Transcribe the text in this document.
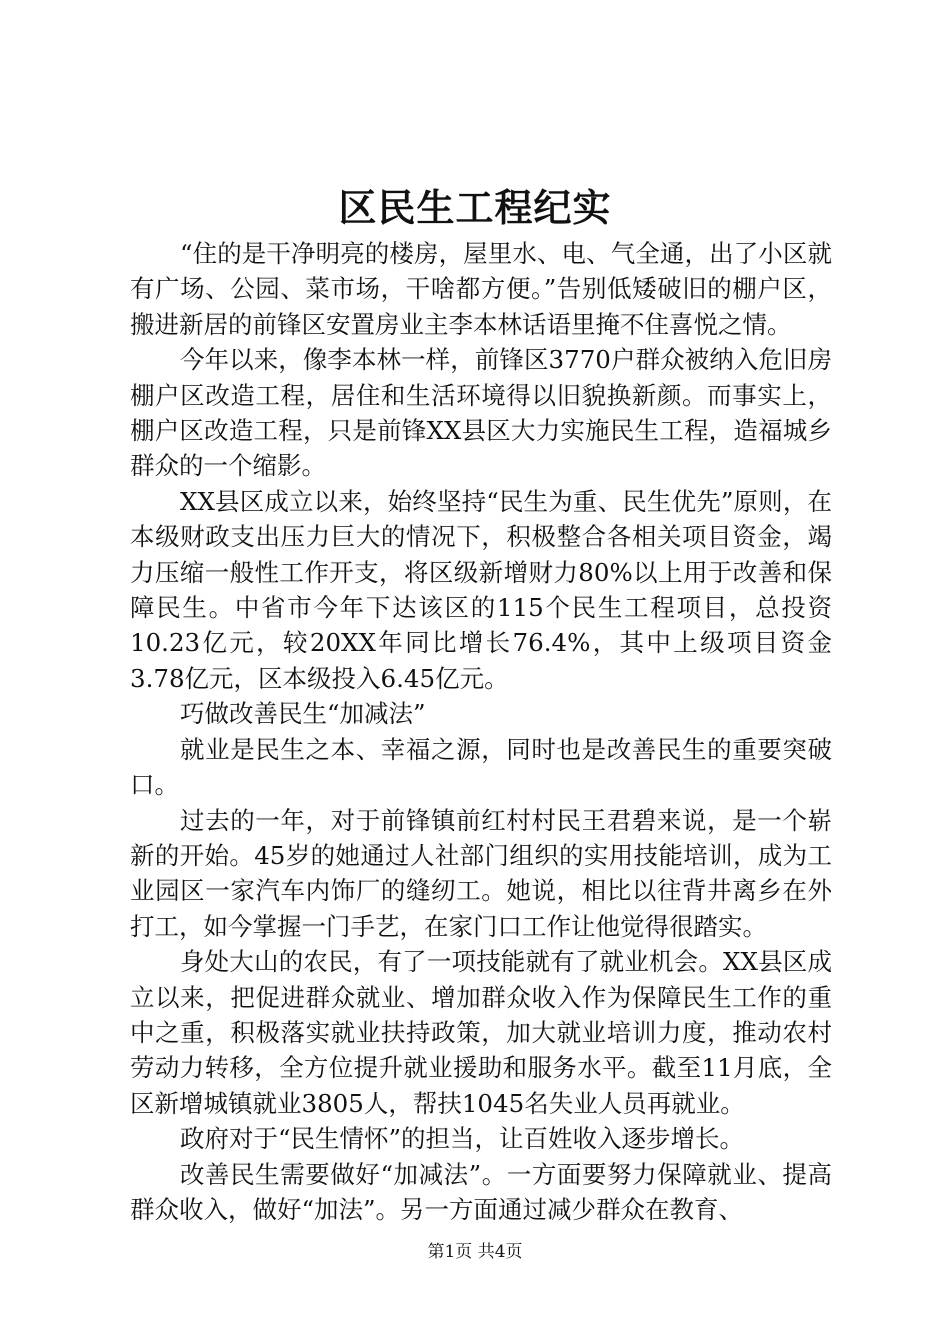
区民生工程纪实

“住的是干净明亮的楼房，屋里水、电、气全通，出了小区就有广场、公园、菜市场，干啥都方便。”告别低矮破旧的棚户区，搬进新居的前锋区安置房业主李本林话语里掩不住喜悦之情。

今年以来，像李本林一样，前锋区3770户群众被纳入危旧房棚户区改造工程，居住和生活环境得以旧貌换新颜。而事实上，棚户区改造工程，只是前锋XX县区大力实施民生工程，造福城乡群众的一个缩影。

XX县区成立以来，始终坚持“民生为重、民生优先”原则，在本级财政支出压力巨大的情况下，积极整合各相关项目资金，竭力压缩一般性工作开支，将区级新增财力80%以上用于改善和保障民生。中省市今年下达该区的115个民生工程项目，总投资10.23亿元，较20XX年同比增长76.4%，其中上级项目资金3.78亿元，区本级投入6.45亿元。

巧做改善民生“加减法”

就业是民生之本、幸福之源，同时也是改善民生的重要突破口。

过去的一年，对于前锋镇前红村村民王君碧来说，是一个崭新的开始。45岁的她通过人社部门组织的实用技能培训，成为工业园区一家汽车内饰厂的缝纫工。她说，相比以往背井离乡在外打工，如今掌握一门手艺，在家门口工作让他觉得很踏实。

身处大山的农民，有了一项技能就有了就业机会。XX县区成立以来，把促进群众就业、增加群众收入作为保障民生工作的重中之重，积极落实就业扶持政策，加大就业培训力度，推动农村劳动力转移，全方位提升就业援助和服务水平。截至11月底，全区新增城镇就业3805人，帮扶1045名失业人员再就业。

政府对于“民生情怀”的担当，让百姓收入逐步增长。

改善民生需要做好“加减法”。一方面要努力保障就业、提高群众收入，做好“加法”。另一方面通过减少群众在教育、

第1页 共4页
